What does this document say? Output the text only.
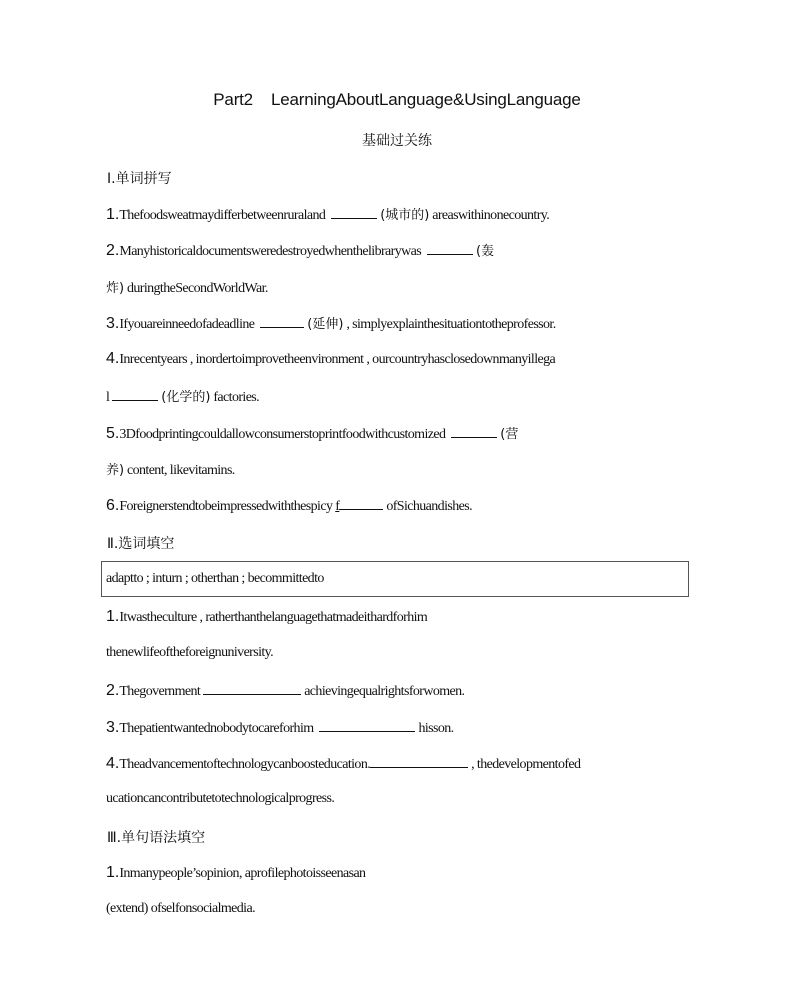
Part2    LearningAboutLanguage&UsingLanguage
基础过关练
Ⅰ.单词拼写
1.Thefoodsweatmaydifferbetweenruraland	(城市的) areaswithinonecountry.
2.Manyhistoricaldocumentsweredestroyedwhenthelibrarywas	(轰
炸) duringtheSecondWorldWar.
3.Ifyouareinneedofadeadline	(延伸) , simplyexplainthesituationtotheprofessor.
4.Inrecentyears , inordertoimprovetheenvironment , ourcountryhasclosedownmanyillega
l	(化学的) factories.
5.3Dfoodprintingcouldallowconsumerstoprintfoodwithcustomized	(营
养) content, likevitamins.
6.Foreignerstendtobeimpressedwiththespicy f	ofSichuandishes.
Ⅱ.选词填空
adaptto ; inturn ; otherthan ; becommittedto
1.Itwastheculture , ratherthanthelanguagethatmadeithardforhim
thenewlifeoftheforeignuniversity.
2.Thegovernment	achievingequalrightsforwomen.
3.Thepatientwantednobodytocareforhim	hisson.
4.Theadvancementoftechnologycanboosteducation.	, thedevelopmentofed
ucationcancontributetotechnologicalprogress.
Ⅲ.单句语法填空
1.Inmanypeople’sopinion, aprofilephotoisseenasan
(extend) ofselfonsocialmedia.
